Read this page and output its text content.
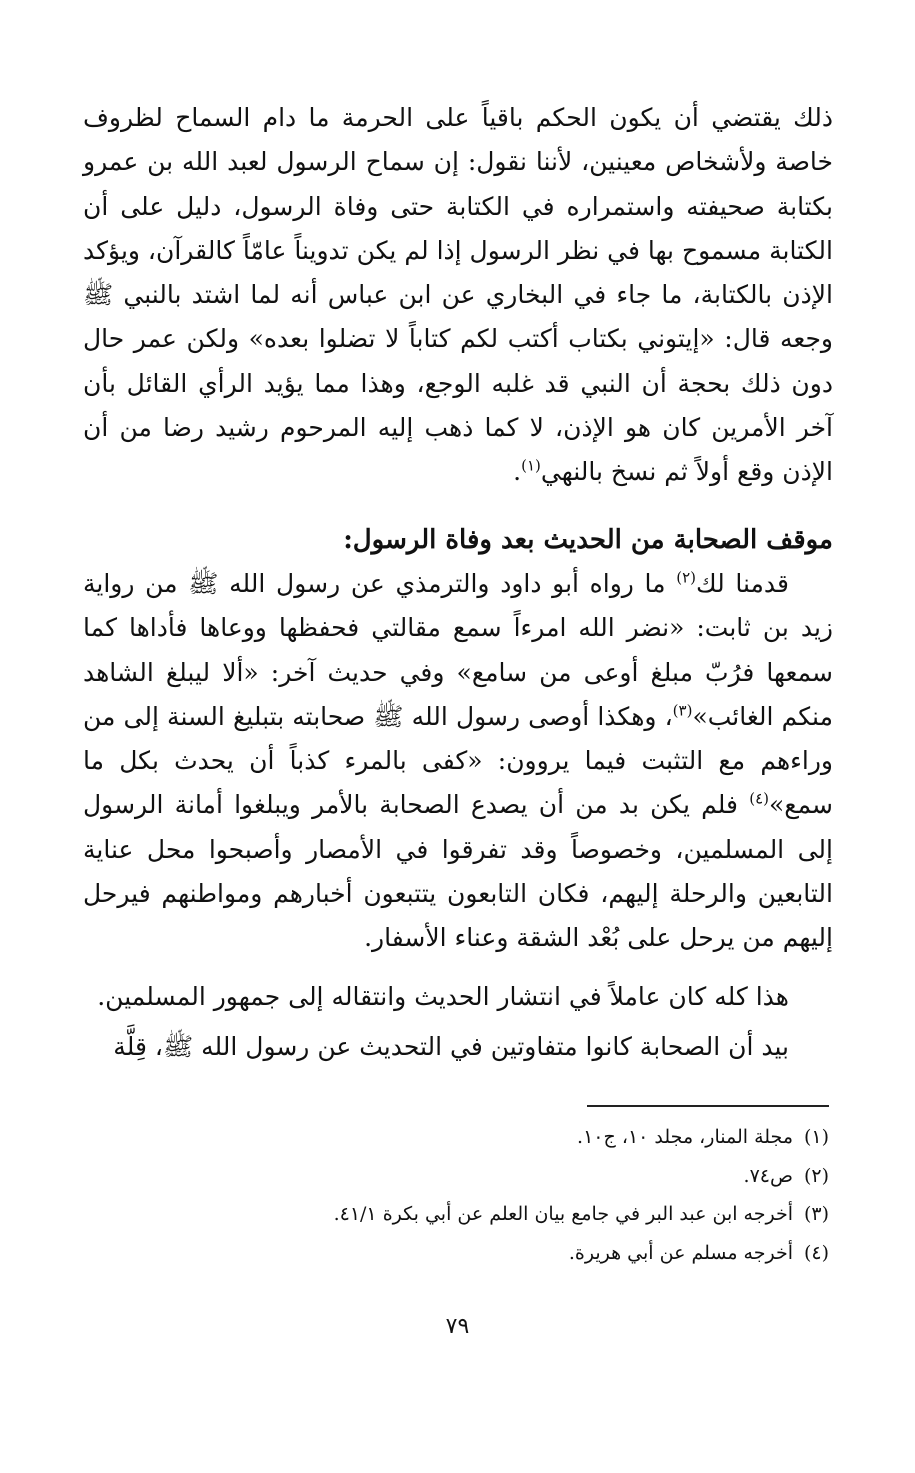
ذلك يقتضي أن يكون الحكم باقياً على الحرمة ما دام السماح لظروف خاصة ولأشخاص معينين، لأننا نقول: إن سماح الرسول لعبد الله بن عمرو بكتابة صحيفته واستمراره في الكتابة حتى وفاة الرسول، دليل على أن الكتابة مسموح بها في نظر الرسول إذا لم يكن تدويناً عامّاً كالقرآن، ويؤكد الإذن بالكتابة، ما جاء في البخاري عن ابن عباس أنه لما اشتد بالنبي ﷺ وجعه قال: «إيتوني بكتاب أكتب لكم كتاباً لا تضلوا بعده» ولكن عمر حال دون ذلك بحجة أن النبي قد غلبه الوجع، وهذا مما يؤيد الرأي القائل بأن آخر الأمرين كان هو الإذن، لا كما ذهب إليه المرحوم رشيد رضا من أن الإذن وقع أولاً ثم نسخ بالنهي$^{(١)}$.

موقف الصحابة من الحديث بعد وفاة الرسول:

قدمنا لك$^{(٢)}$ ما رواه أبو داود والترمذي عن رسول الله ﷺ من رواية زيد بن ثابت: «نضر الله امرءاً سمع مقالتي فحفظها ووعاها فأداها كما سمعها فرُبّ مبلغ أوعى من سامع» وفي حديث آخر: «ألا ليبلغ الشاهد منكم الغائب»$^{(٣)}$، وهكذا أوصى رسول الله ﷺ صحابته بتبليغ السنة إلى من وراءهم مع التثبت فيما يروون: «كفى بالمرء كذباً أن يحدث بكل ما سمع»$^{(٤)}$ فلم يكن بد من أن يصدع الصحابة بالأمر ويبلغوا أمانة الرسول إلى المسلمين، وخصوصاً وقد تفرقوا في الأمصار وأصبحوا محل عناية التابعين والرحلة إليهم، فكان التابعون يتتبعون أخبارهم ومواطنهم فيرحل إليهم من يرحل على بُعْد الشقة وعناء الأسفار.

هذا كله كان عاملاً في انتشار الحديث وانتقاله إلى جمهور المسلمين.

بيد أن الصحابة كانوا متفاوتين في التحديث عن رسول الله ﷺ، قِلَّة

(١)مجلة المنار، مجلد ١٠، ج١٠.
(٢)ص٧٤.
(٣)أخرجه ابن عبد البر في جامع بيان العلم عن أبي بكرة ٤١/١.
(٤)أخرجه مسلم عن أبي هريرة.
٧٩
